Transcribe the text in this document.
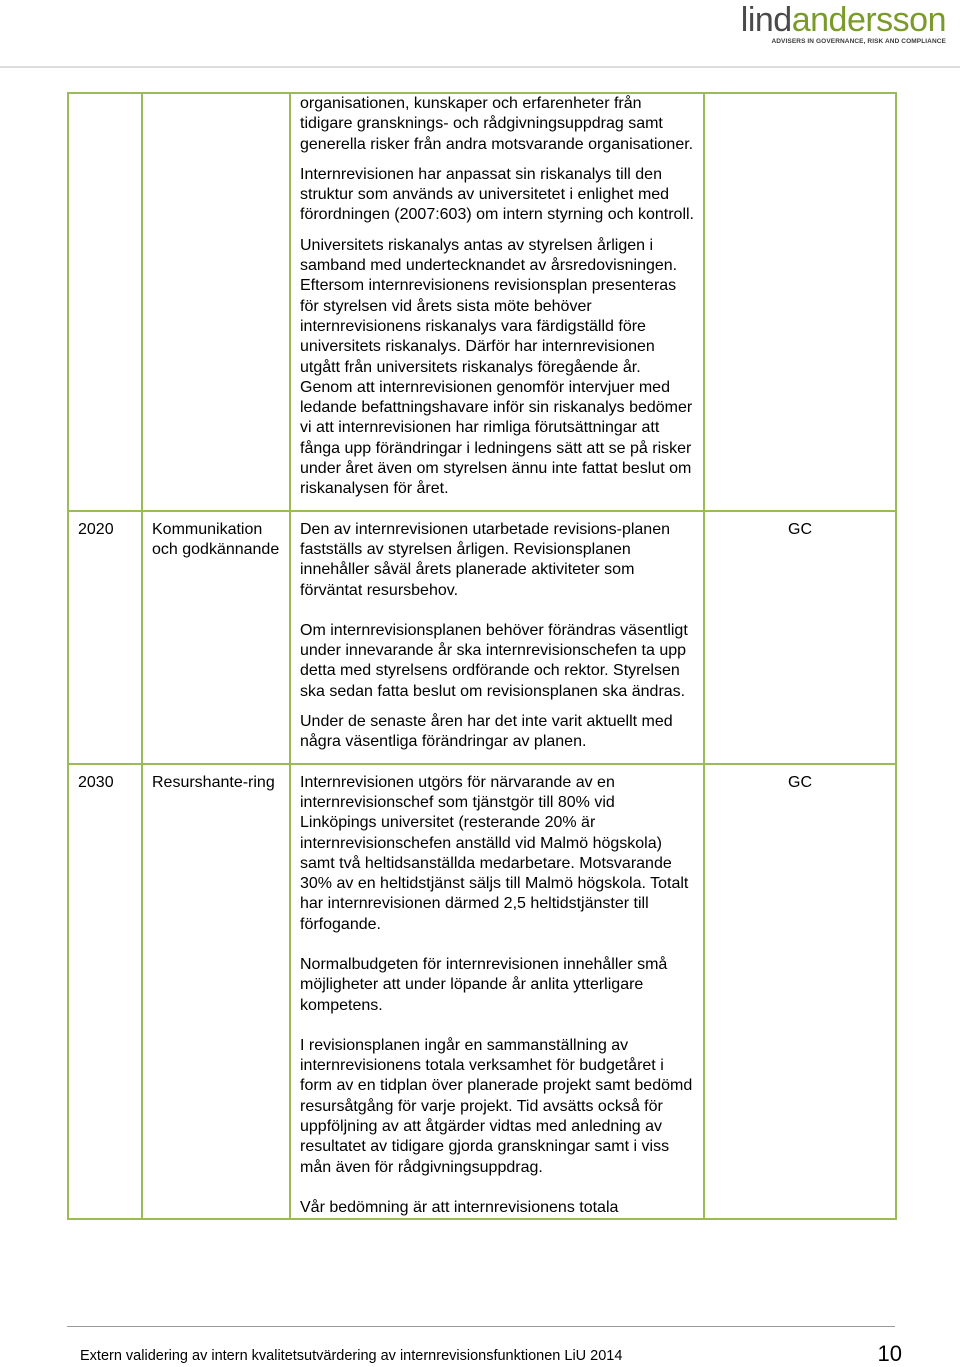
lindandersson
ADVISERS IN GOVERNANCE, RISK AND COMPLIANCE

		organisationen, kunskaper och erfarenheter från tidigare gransknings- och rådgivningsuppdrag samt generella risker från andra motsvarande organisationer.
Internrevisionen har anpassat sin riskanalys till den struktur som används av universitetet i enlighet med förordningen (2007:603) om intern styrning och kontroll.
Universitets riskanalys antas av styrelsen årligen i samband med undertecknandet av årsredovisningen. Eftersom internrevisionens revisionsplan presenteras för styrelsen vid årets sista möte behöver internrevisionens riskanalys vara färdigställd före universitets riskanalys. Därför har internrevisionen utgått från universitets riskanalys föregående år. Genom att internrevisionen genomför intervjuer med ledande befattningshavare inför sin riskanalys bedömer vi att internrevisionen har rimliga förutsättningar att fånga upp förändringar i ledningens sätt att se på risker under året även om styrelsen ännu inte fattat beslut om riskanalysen för året.	

2020	Kommunikation och godkännande	Den av internrevisionen utarbetade revisions-planen fastställs av styrelsen årligen. Revisionsplanen innehåller såväl årets planerade aktiviteter som förväntat resursbehov.
Om internrevisionsplanen behöver förändras väsentligt under innevarande år ska internrevisionschefen ta upp detta med styrelsens ordförande och rektor. Styrelsen ska sedan fatta beslut om revisionsplanen ska ändras.
Under de senaste åren har det inte varit aktuellt med några väsentliga förändringar av planen.	GC

2030	Resurshante-ring	Internrevisionen utgörs för närvarande av en internrevisionschef som tjänstgör till 80% vid Linköpings universitet (resterande 20% är internrevisionschefen anställd vid Malmö högskola) samt två heltidsanställda medarbetare. Motsvarande 30% av en heltidstjänst säljs till Malmö högskola. Totalt har internrevisionen därmed 2,5 heltidstjänster till förfogande.
Normalbudgeten för internrevisionen innehåller små möjligheter att under löpande år anlita ytterligare kompetens.
I revisionsplanen ingår en sammanställning av internrevisionens totala verksamhet för budgetåret i form av en tidplan över planerade projekt samt bedömd resursåtgång för varje projekt. Tid avsätts också för uppföljning av att åtgärder vidtas med anledning av resultatet av tidigare gjorda granskningar samt i viss mån även för rådgivningsuppdrag.
Vår bedömning är att internrevisionens totala	GC
Extern validering av intern kvalitetsutvärdering av internrevisionsfunktionen LiU 2014	10
